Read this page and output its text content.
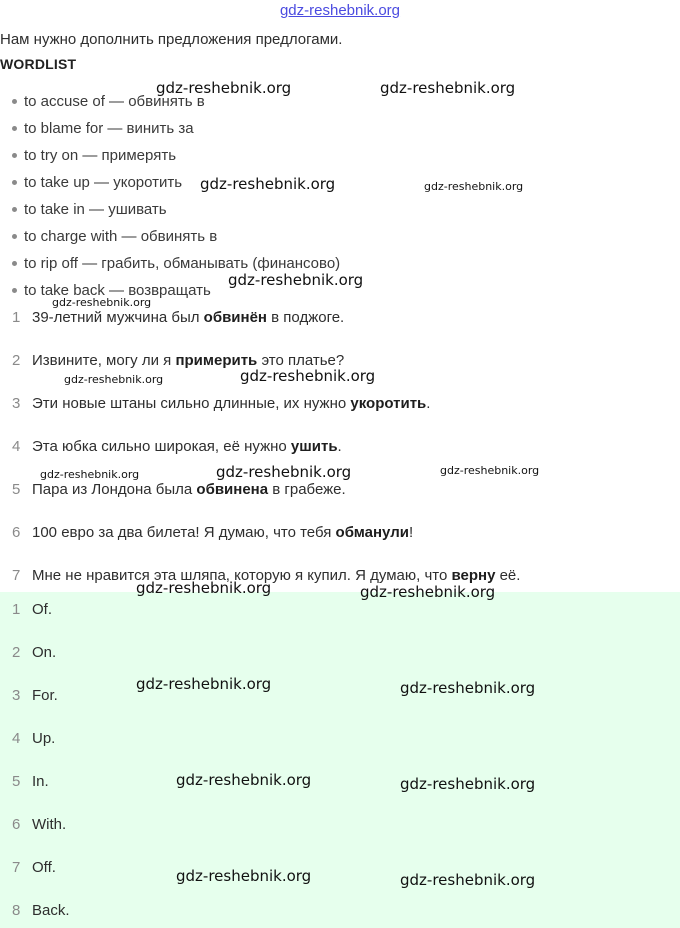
gdz-reshebnik.org
Нам нужно дополнить предложения предлогами.
WORDLIST
to accuse of — обвинять в
to blame for — винить за
to try on — примерять
to take up — укоротить
to take in — ушивать
to charge with — обвинять в
to rip off — грабить, обманывать (финансово)
to take back — возвращать
1 39-летний мужчина был обвинён в поджоге.
2 Извините, могу ли я примерить это платье?
3 Эти новые штаны сильно длинные, их нужно укоротить.
4 Эта юбка сильно широкая, её нужно ушить.
5 Пара из Лондона была обвинена в грабеже.
6 100 евро за два билета! Я думаю, что тебя обманули!
7 Мне не нравится эта шляпа, которую я купил. Я думаю, что верну её.
1 Of.
2 On.
3 For.
4 Up.
5 In.
6 With.
7 Off.
8 Back.
gdz-reshebnik.org	gdz-reshebnik.org
gdz-reshebnik.org	gdz-reshebnik.org
gdz-reshebnik.org
gdz-reshebnik.org
gdz-reshebnik.org	gdz-reshebnik.org
gdz-reshebnik.org	gdz-reshebnik.org	gdz-reshebnik.org
gdz-reshebnik.org	gdz-reshebnik.org
gdz-reshebnik.org	gdz-reshebnik.org
gdz-reshebnik.org	gdz-reshebnik.org
gdz-reshebnik.org	gdz-reshebnik.org
